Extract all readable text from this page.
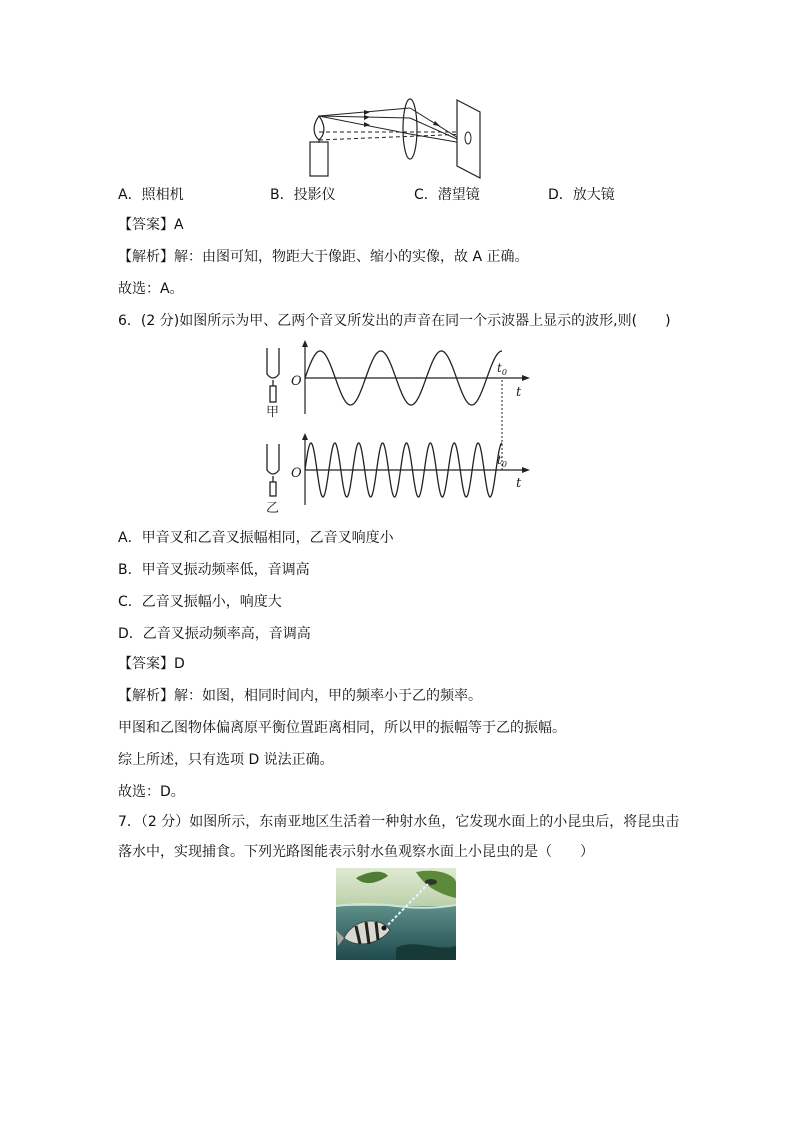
A．照相机	B．投影仪	C．潜望镜	D．放大镜
【答案】A
【解析】解：由图可知，物距大于像距、缩小的实像，故 A 正确。
故选：A。
6．(2 分)如图所示为甲、乙两个音叉所发出的声音在同一个示波器上显示的波形,则(　　)
甲
O
$t_0$
t
乙
O
$t_0$
t
A．甲音叉和乙音叉振幅相同，乙音叉响度小
B．甲音叉振动频率低，音调高
C．乙音叉振幅小，响度大
D．乙音叉振动频率高，音调高
【答案】D
【解析】解：如图，相同时间内，甲的频率小于乙的频率。
甲图和乙图物体偏离原平衡位置距离相同，所以甲的振幅等于乙的振幅。
综上所述，只有选项 D 说法正确。
故选：D。
7．（2 分）如图所示，东南亚地区生活着一种射水鱼，它发现水面上的小昆虫后，将昆虫击
落水中，实现捕食。下列光路图能表示射水鱼观察水面上小昆虫的是（　　）
